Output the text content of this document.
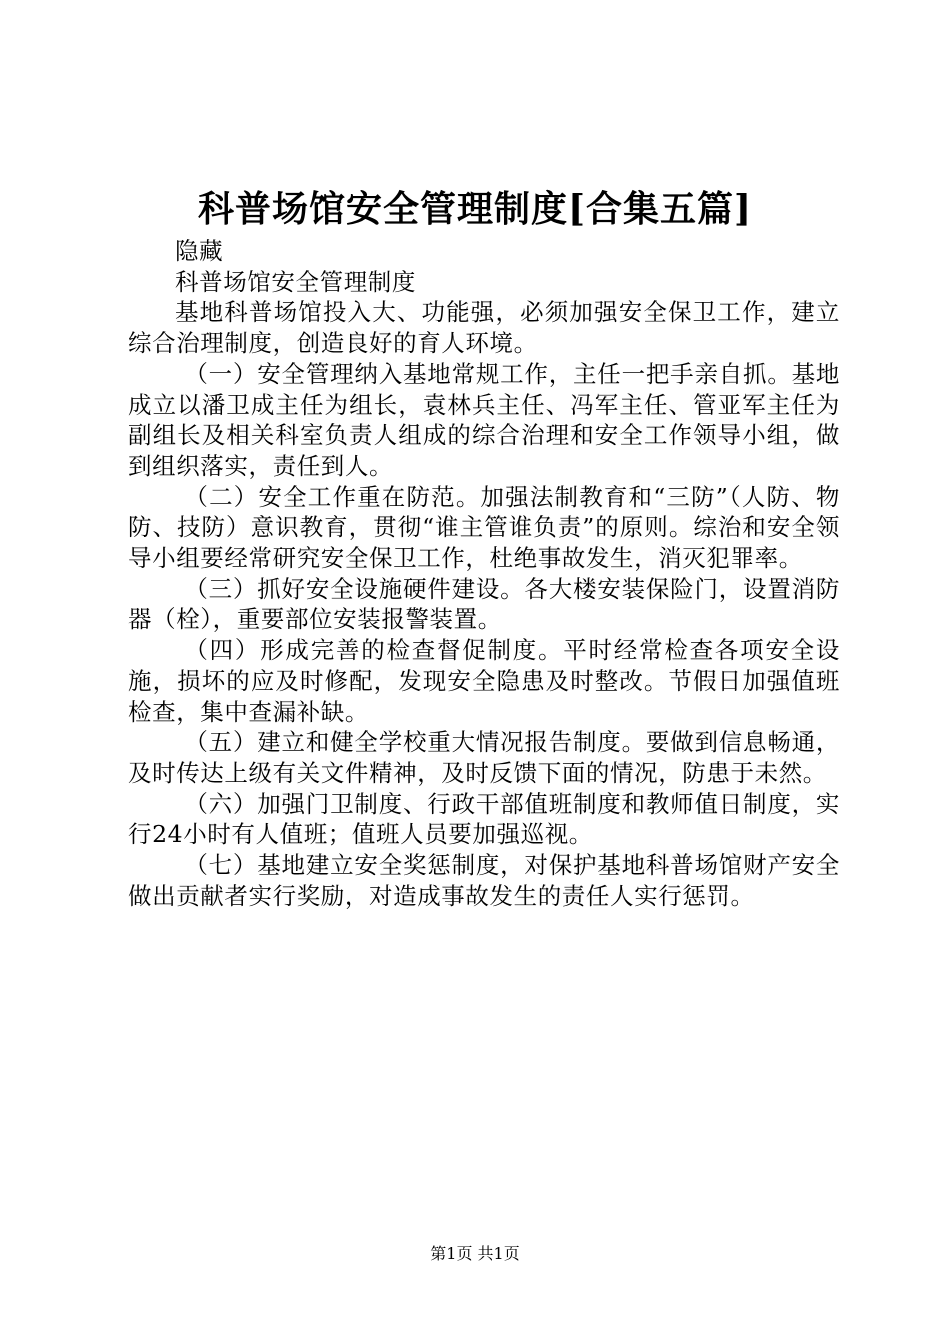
科普场馆安全管理制度[合集五篇]

隐藏

科普场馆安全管理制度

基地科普场馆投入大、功能强，必须加强安全保卫工作，建立综合治理制度，创造良好的育人环境。

（一）安全管理纳入基地常规工作，主任一把手亲自抓。基地成立以潘卫成主任为组长，袁林兵主任、冯军主任、管亚军主任为副组长及相关科室负责人组成的综合治理和安全工作领导小组，做到组织落实，责任到人。

（二）安全工作重在防范。加强法制教育和“三防”（人防、物防、技防）意识教育，贯彻“谁主管谁负责”的原则。综治和安全领导小组要经常研究安全保卫工作，杜绝事故发生，消灭犯罪率。

（三）抓好安全设施硬件建设。各大楼安装保险门，设置消防器（栓），重要部位安装报警装置。

（四）形成完善的检查督促制度。平时经常检查各项安全设施，损坏的应及时修配，发现安全隐患及时整改。节假日加强值班检查，集中查漏补缺。

（五）建立和健全学校重大情况报告制度。要做到信息畅通，及时传达上级有关文件精神，及时反馈下面的情况，防患于未然。

（六）加强门卫制度、行政干部值班制度和教师值日制度，实行24小时有人值班；值班人员要加强巡视。

（七）基地建立安全奖惩制度，对保护基地科普场馆财产安全做出贡献者实行奖励，对造成事故发生的责任人实行惩罚。

第1页 共1页
